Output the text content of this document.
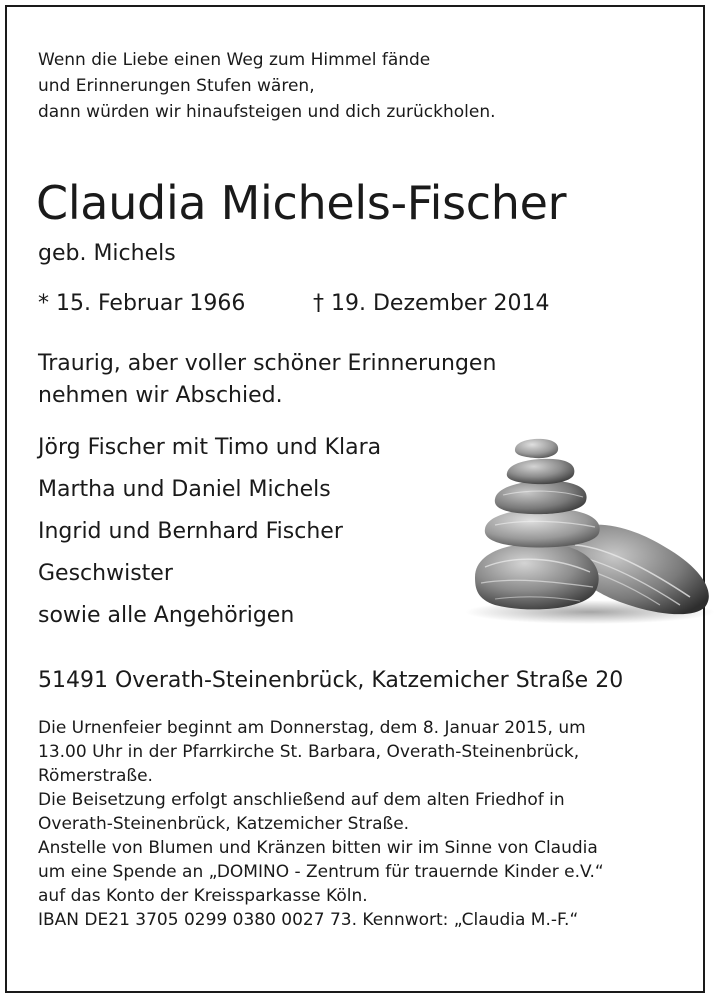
Wenn die Liebe einen Weg zum Himmel fände
und Erinnerungen Stufen wären,
dann würden wir hinaufsteigen und dich zurückholen.
Claudia Michels-Fischer
geb. Michels
* 15. Februar 1966	† 19. Dezember 2014
Traurig, aber voller schöner Erinnerungen
nehmen wir Abschied.
Jörg Fischer mit Timo und Klara
Martha und Daniel Michels
Ingrid und Bernhard Fischer
Geschwister
sowie alle Angehörigen
51491 Overath-Steinenbrück, Katzemicher Straße 20

Die Urnenfeier beginnt am Donnerstag, dem 8. Januar 2015, um
13.00 Uhr in der Pfarrkirche St. Barbara, Overath-Steinenbrück,
Römerstraße.

Die Beisetzung erfolgt anschließend auf dem alten Friedhof in
Overath-Steinenbrück, Katzemicher Straße.

Anstelle von Blumen und Kränzen bitten wir im Sinne von Claudia
um eine Spende an „DOMINO - Zentrum für trauernde Kinder e.V.“
auf das Konto der Kreissparkasse Köln.
IBAN DE21 3705 0299 0380 0027 73. Kennwort: „Claudia M.-F.“
